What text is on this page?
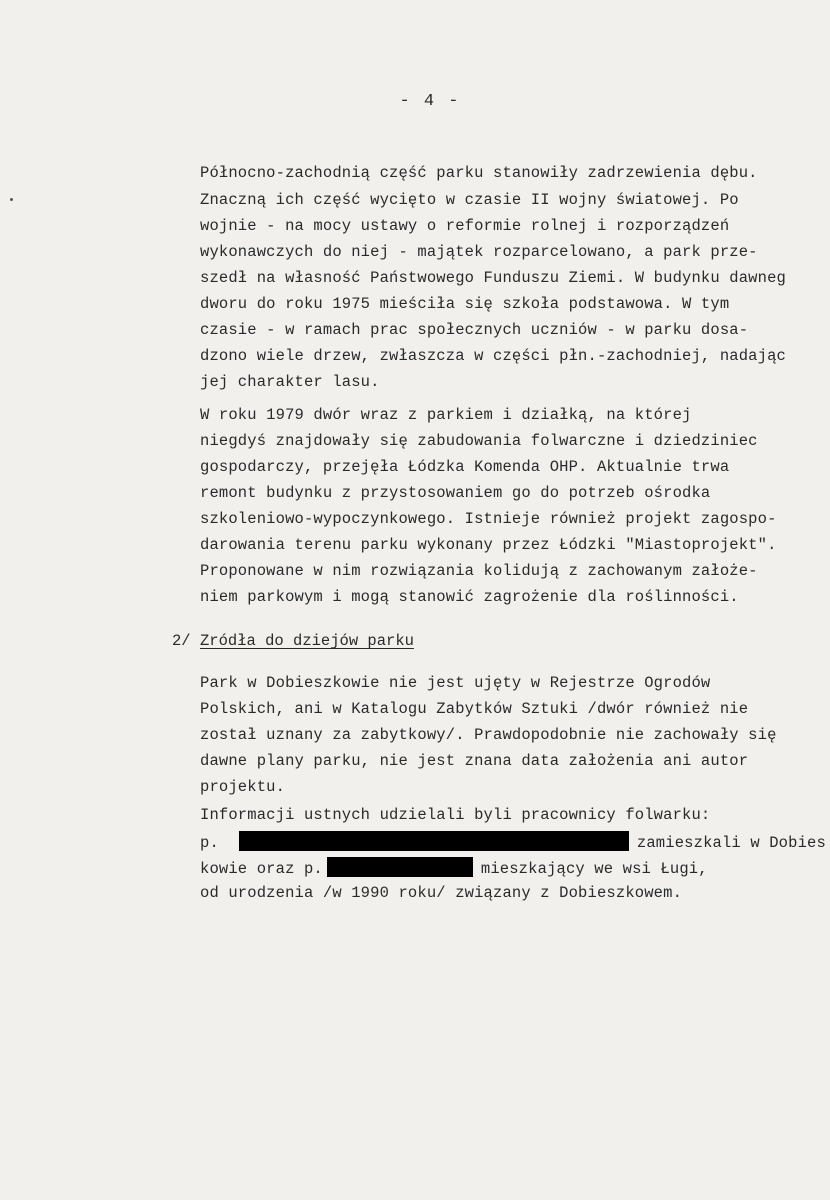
- 4 -
Północno-zachodnią część parku stanowiły zadrzewienia dębu.
Znaczną ich część wycięto w czasie II wojny światowej. Po
wojnie - na mocy ustawy o reformie rolnej i rozporządzeń
wykonawczych do niej - majątek rozparcelowano, a park prze-
szedł na własność Państwowego Funduszu Ziemi. W budynku dawneg
dworu do roku 1975 mieściła się szkoła podstawowa. W tym
czasie - w ramach prac społecznych uczniów - w parku dosa-
dzono wiele drzew, zwłaszcza w części płn.-zachodniej, nadając
jej charakter lasu.
W roku 1979 dwór wraz z parkiem i działką, na której
niegdyś znajdowały się zabudowania folwarczne i dziedziniec
gospodarczy, przejęła Łódzka Komenda OHP. Aktualnie trwa
remont budynku z przystosowaniem go do potrzeb ośrodka
szkoleniowo-wypoczynkowego. Istnieje również projekt zagospo-
darowania terenu parku wykonany przez Łódzki "Miastoprojekt".
Proponowane w nim rozwiązania kolidują z zachowanym założe-
niem parkowym i mogą stanowić zagrożenie dla roślinności.
2/ Zródła do dziejów parku
Park w Dobieszkowie nie jest ujęty w Rejestrze Ogrodów
Polskich, ani w Katalogu Zabytków Sztuki /dwór również nie
został uznany za zabytkowy/. Prawdopodobnie nie zachowały się
dawne plany parku, nie jest znana data założenia ani autor
projektu.
Informacji ustnych udzielali byli pracownicy folwarku:
p.	zamieszkali w Dobies
kowie oraz p.	mieszkający we wsi Ługi,
od urodzenia /w 1990 roku/ związany z Dobieszkowem.
